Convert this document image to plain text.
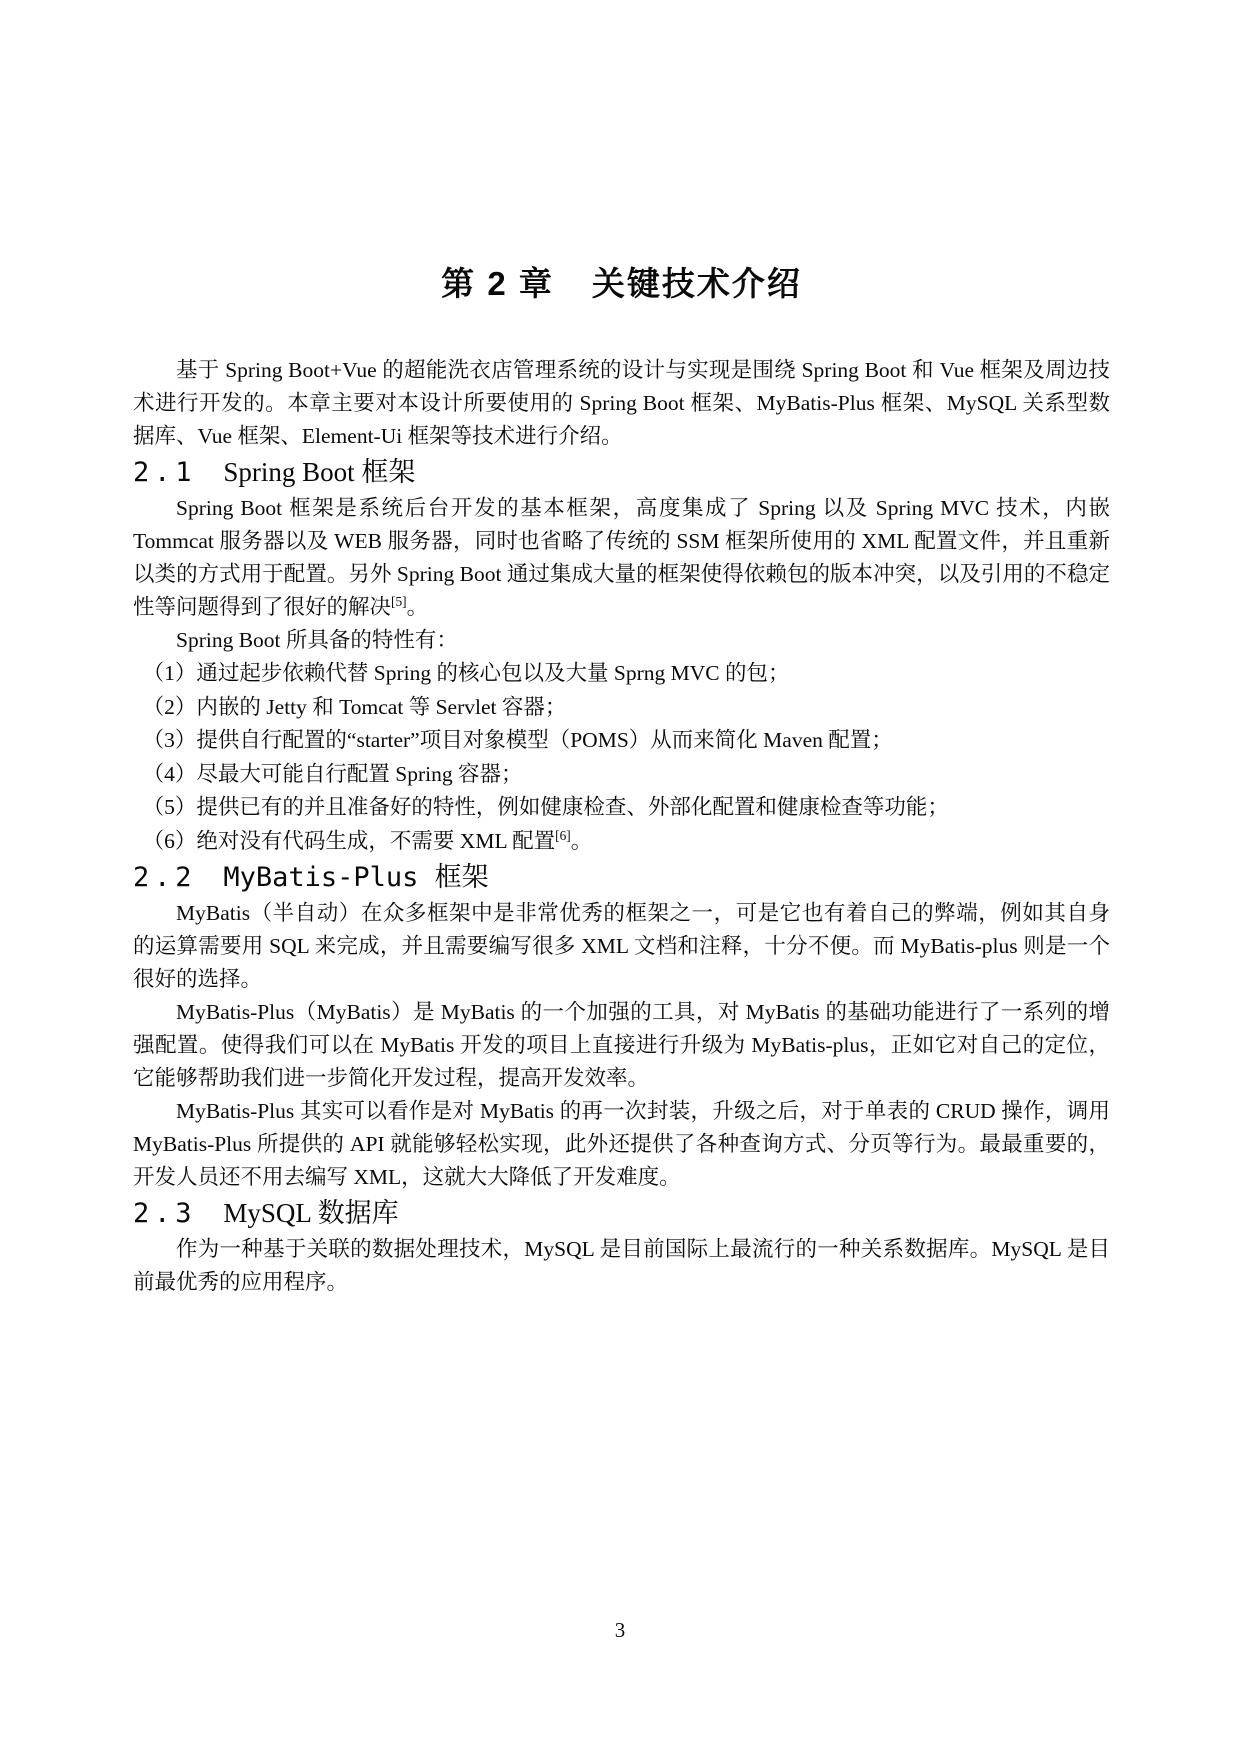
第 2 章 关键技术介绍

基于 Spring Boot+Vue 的超能洗衣店管理系统的设计与实现是围绕 Spring Boot 和 Vue 框架及周边技术进行开发的。本章主要对本设计所要使用的 Spring Boot 框架、MyBatis-Plus 框架、MySQL 关系型数据库、Vue 框架、Element-Ui 框架等技术进行介绍。

2.1 Spring Boot 框架

Spring Boot 框架是系统后台开发的基本框架，高度集成了 Spring 以及 Spring MVC 技术，内嵌 Tommcat 服务器以及 WEB 服务器，同时也省略了传统的 SSM 框架所使用的 XML 配置文件，并且重新以类的方式用于配置。另外 Spring Boot 通过集成大量的框架使得依赖包的版本冲突，以及引用的不稳定性等问题得到了很好的解决[5]。

Spring Boot 所具备的特性有：

（1）通过起步依赖代替 Spring 的核心包以及大量 Sprng MVC 的包；

（2）内嵌的 Jetty 和 Tomcat 等 Servlet 容器；

（3）提供自行配置的“starter”项目对象模型（POMS）从而来简化 Maven 配置；

（4）尽最大可能自行配置 Spring 容器；

（5）提供已有的并且准备好的特性，例如健康检查、外部化配置和健康检查等功能；

（6）绝对没有代码生成，不需要 XML 配置[6]。

2.2 MyBatis-Plus 框架

MyBatis（半自动）在众多框架中是非常优秀的框架之一，可是它也有着自己的弊端，例如其自身的运算需要用 SQL 来完成，并且需要编写很多 XML 文档和注释，十分不便。而 MyBatis-plus 则是一个很好的选择。

MyBatis-Plus（MyBatis）是 MyBatis 的一个加强的工具，对 MyBatis 的基础功能进行了一系列的增强配置。使得我们可以在 MyBatis 开发的项目上直接进行升级为 MyBatis-plus，正如它对自己的定位，它能够帮助我们进一步简化开发过程，提高开发效率。

MyBatis-Plus 其实可以看作是对 MyBatis 的再一次封装，升级之后，对于单表的 CRUD 操作，调用 MyBatis-Plus 所提供的 API 就能够轻松实现，此外还提供了各种查询方式、分页等行为。最最重要的，开发人员还不用去编写 XML，这就大大降低了开发难度。

2.3 MySQL 数据库

作为一种基于关联的数据处理技术，MySQL 是目前国际上最流行的一种关系数据库。MySQL 是目前最优秀的应用程序。

3
